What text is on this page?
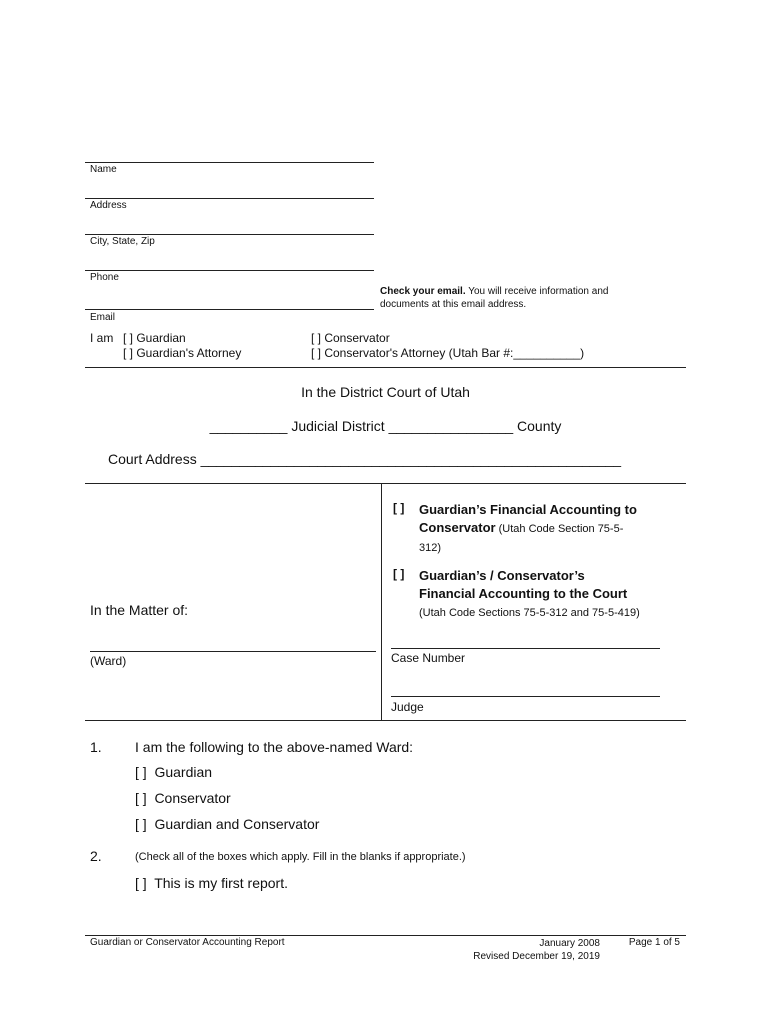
Name
Address
City, State, Zip
Phone
Email
Check your email. You will receive information and
documents at this email address.
I am [ ] Guardian
[ ] Guardian's Attorney
[ ] Conservator
[ ] Conservator's Attorney (Utah Bar #:__________)
In the District Court of Utah
__________ Judicial District ________________ County
Court Address ______________________________________________________
[ ] Guardian’s Financial Accounting to
Conservator (Utah Code Section 75-5-
312)
[ ] Guardian’s / Conservator’s
Financial Accounting to the Court
(Utah Code Sections 75-5-312 and 75-5-419)
In the Matter of:
(Ward)	Case Number
Judge
1. I am the following to the above-named Ward:
[ ]  Guardian
[ ]  Conservator
[ ]  Guardian and Conservator
2.	(Check all of the boxes which apply. Fill in the blanks if appropriate.)
[ ]  This is my first report.
Guardian or Conservator Accounting Report	January 2008
Revised December 19, 2019
Page 1 of 5
